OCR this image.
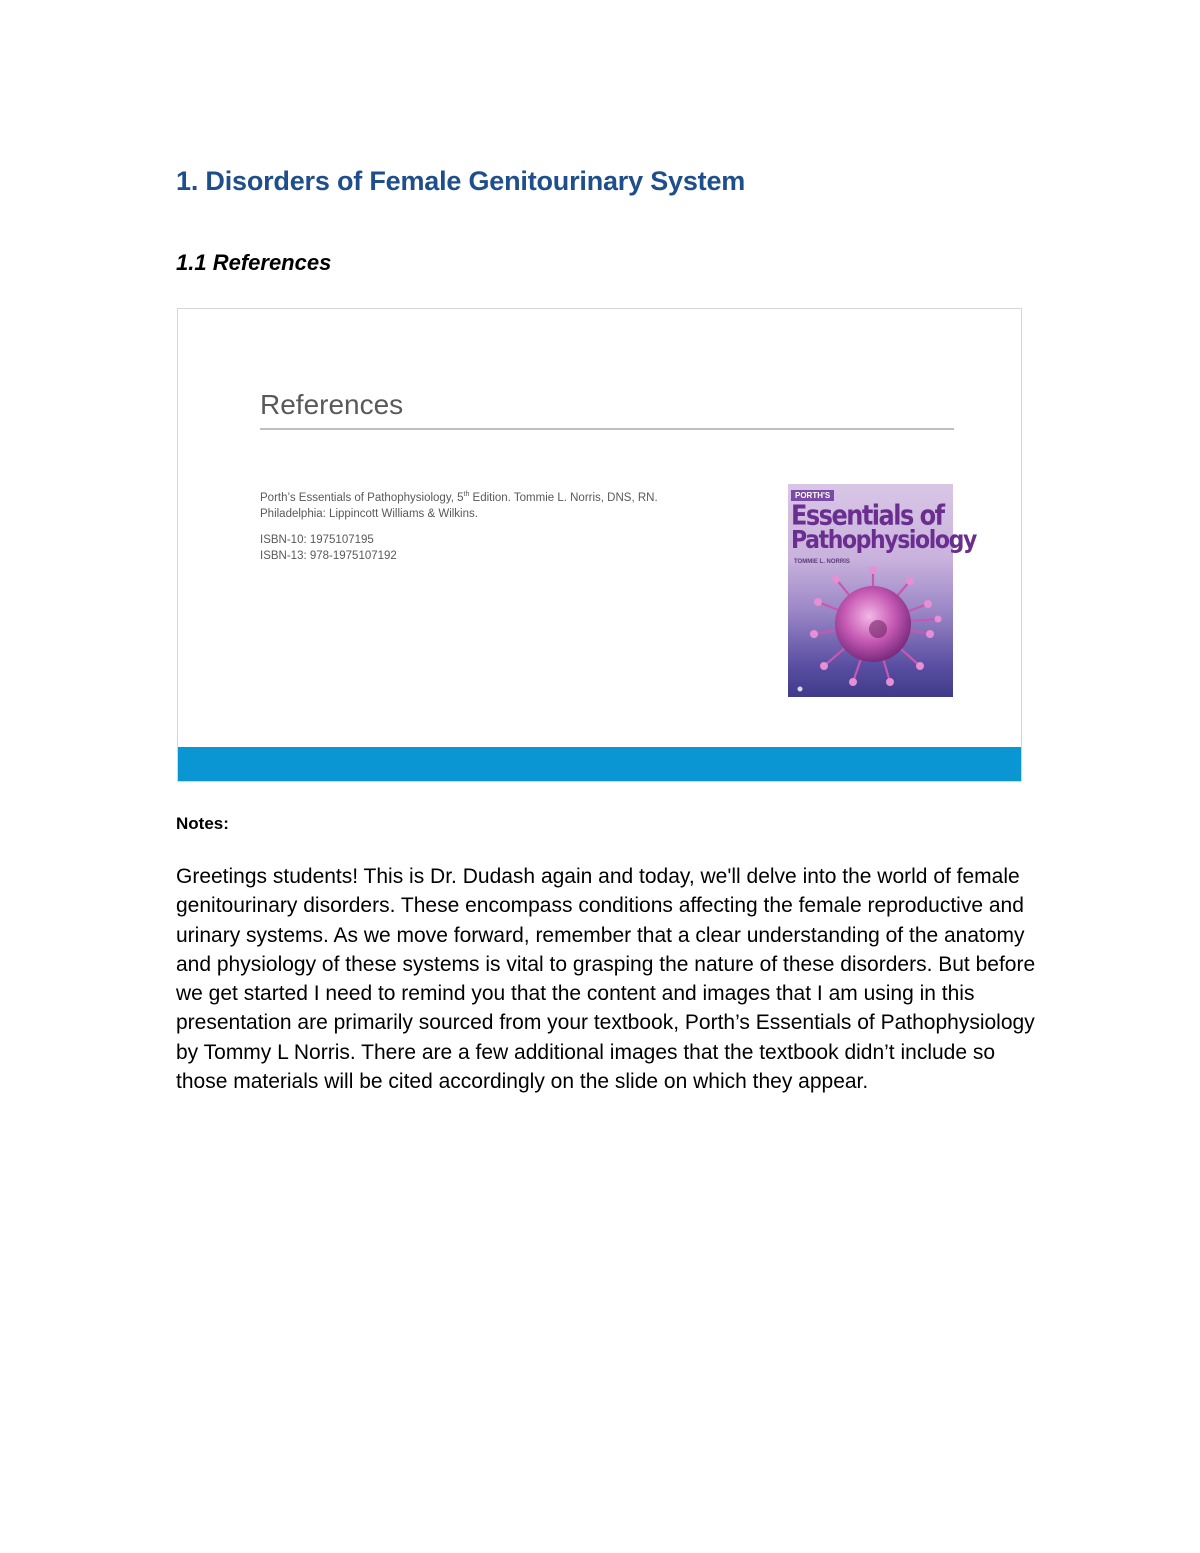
1. Disorders of Female Genitourinary System
1.1 References
References

Porth’s Essentials of Pathophysiology, 5th Edition. Tommie L. Norris, DNS, RN.

Philadelphia: Lippincott Williams & Wilkins.

ISBN-10: 1975107195

ISBN-13: 978-1975107192

PORTH'S
Essentials of
Pathophysiology
TOMMIE L. NORRIS

Notes:

Greetings students! This is Dr. Dudash again and today, we'll delve into the world of female genitourinary disorders. These encompass conditions affecting the female reproductive and urinary systems. As we move forward, remember that a clear understanding of the anatomy and physiology of these systems is vital to grasping the nature of these disorders. But before we get started I need to remind you that the content and images that I am using in this presentation are primarily sourced from your textbook, Porth’s Essentials of Pathophysiology by Tommy L Norris. There are a few additional images that the textbook didn’t include so those materials will be cited accordingly on the slide on which they appear.
